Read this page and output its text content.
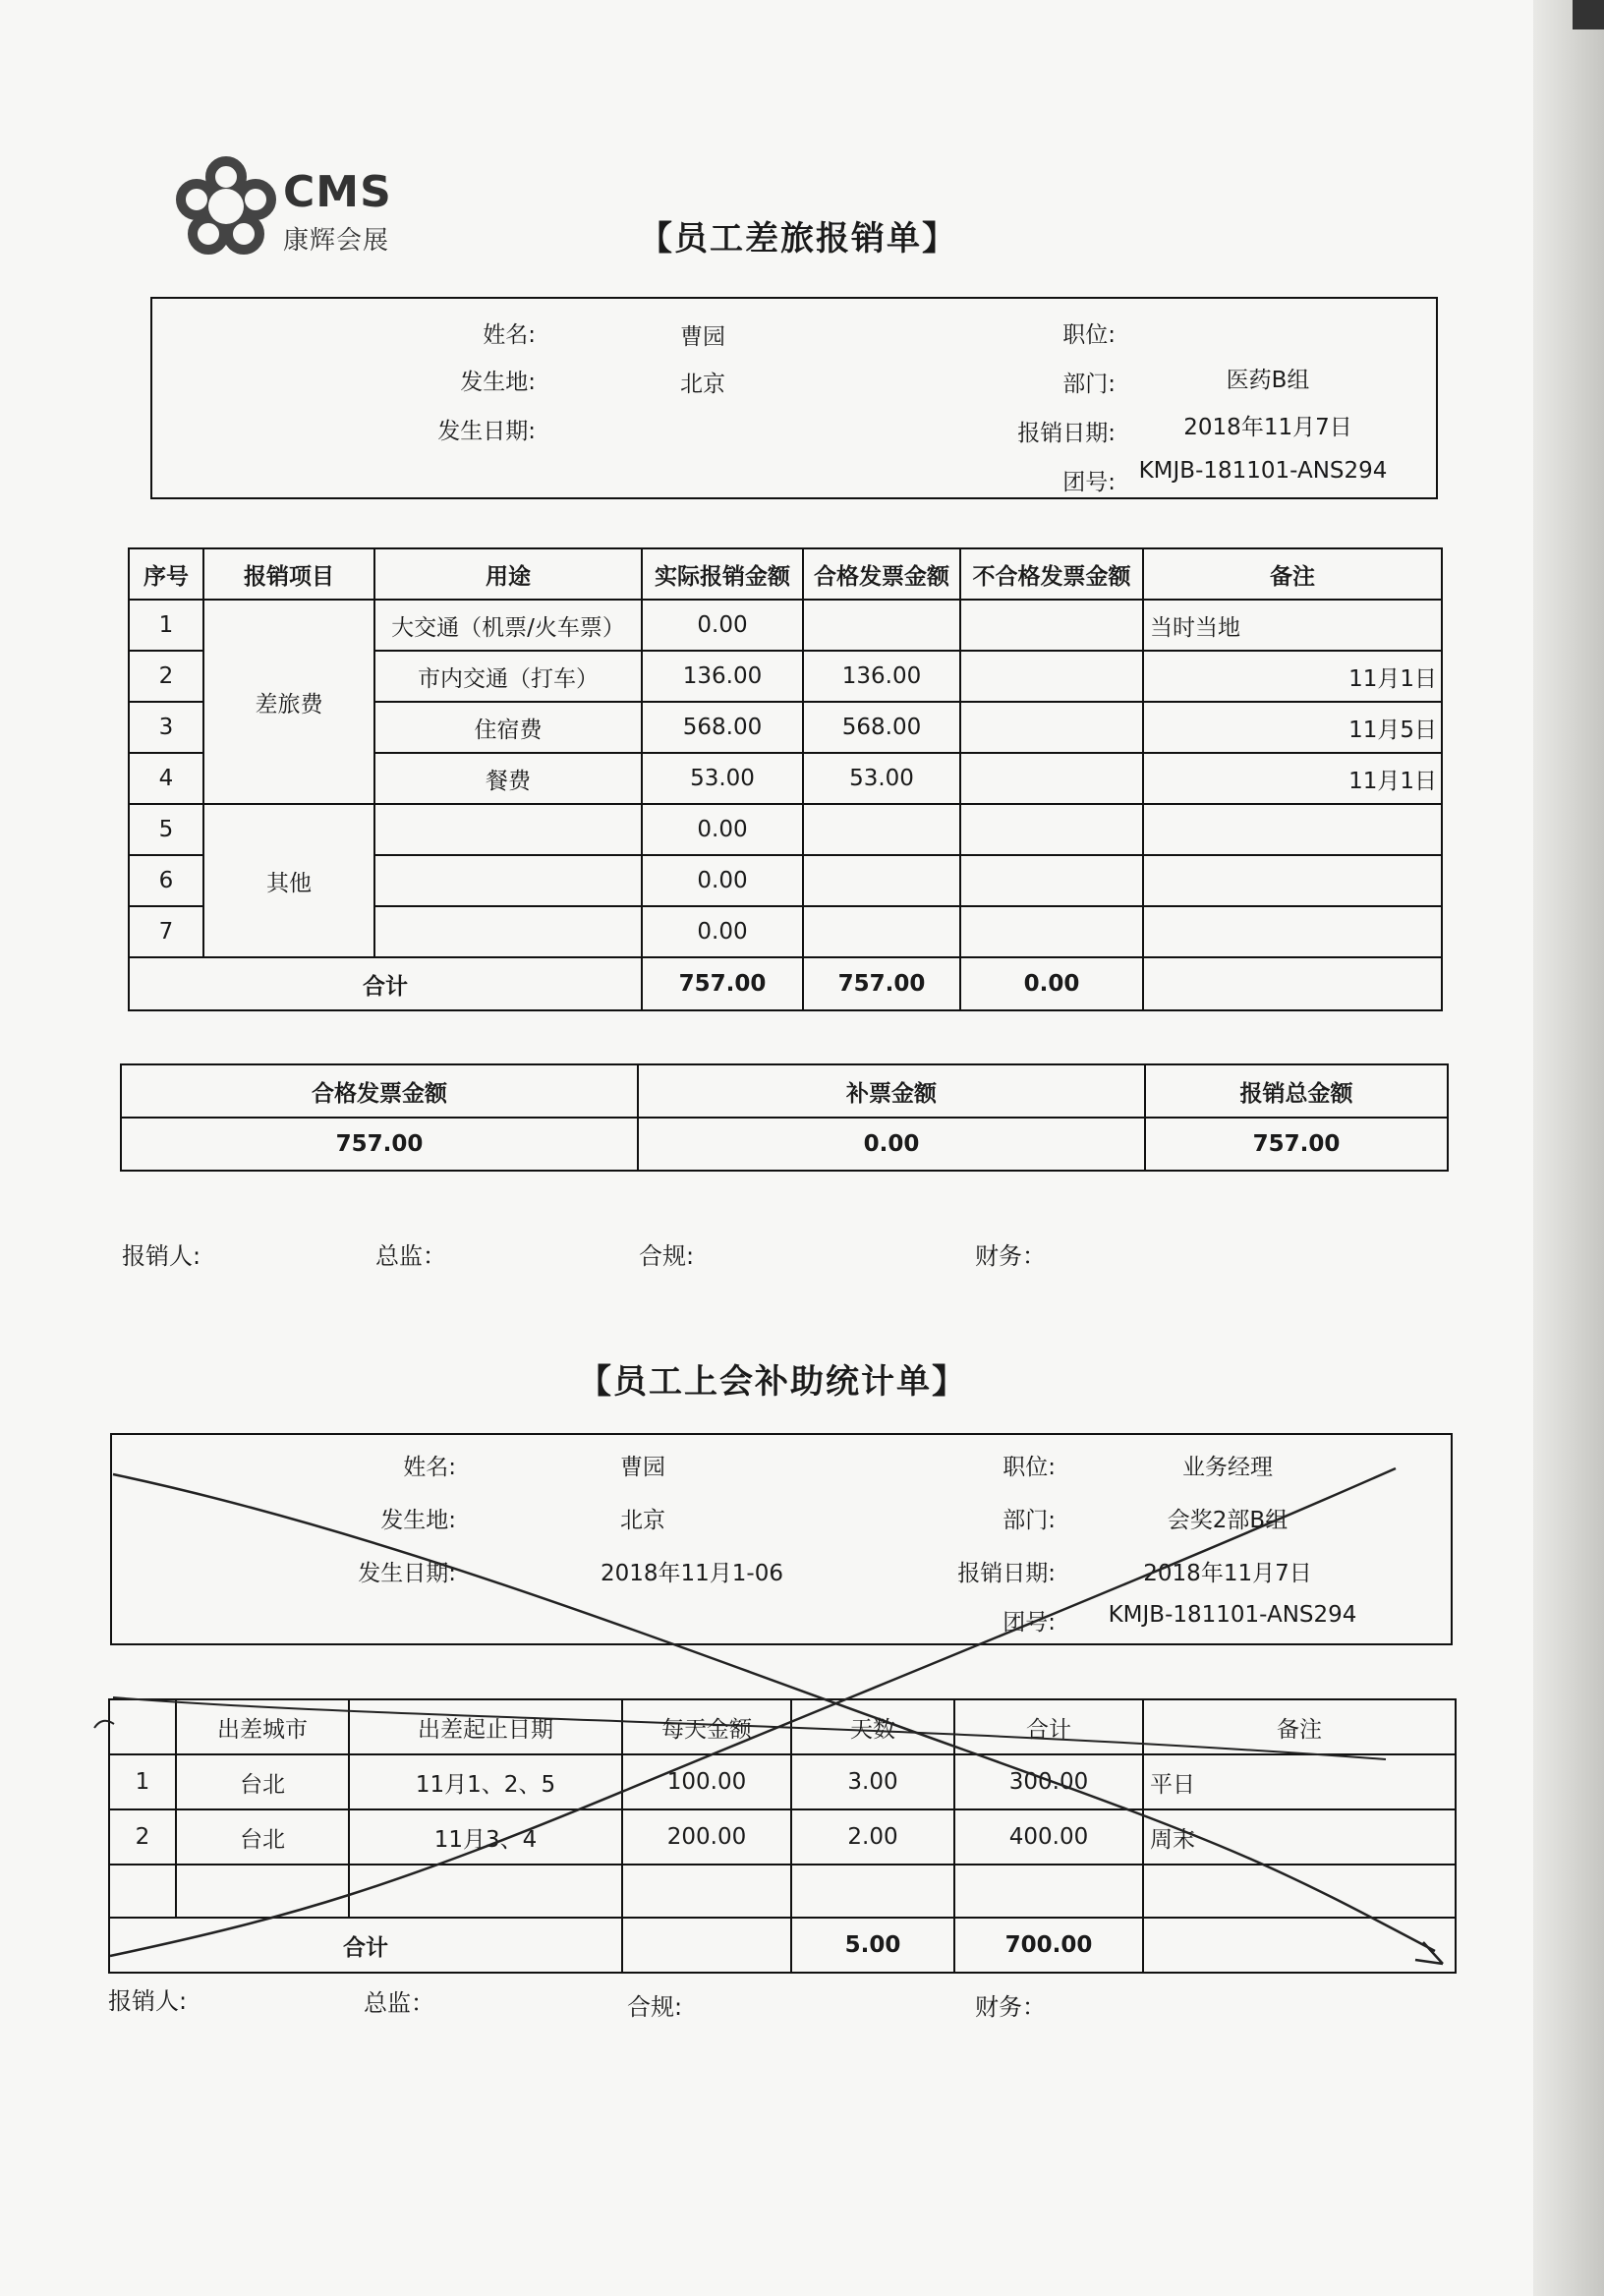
CMS
康辉会展	【员工差旅报销单】
姓名:	曹园	职位:
发生地:	北京	部门:	医药B组
发生日期:	报销日期:	2018年11月7日
团号:	KMJB-181101-ANS294
序号	报销项目	用途	实际报销金额	合格发票金额	不合格发票金额	备注
1	差旅费	大交通（机票/火车票）	0.00			当时当地
2		市内交通（打车）	136.00	136.00		11月1日
3		住宿费	568.00	568.00		11月5日
4		餐费	53.00	53.00		11月1日
5	其他		0.00			
6			0.00			
7			0.00			
合计			757.00	757.00	0.00	
合格发票金额	补票金额	报销总金额
757.00	0.00	757.00
报销人:	总监：	合规:	财务：
【员工上会补助统计单】
姓名:	曹园	职位:	业务经理
发生地:	北京	部门:	会奖2部B组
发生日期:	2018年11月1-06	报销日期:	2018年11月7日
团号:	KMJB-181101-ANS294
	出差城市	出差起止日期	每天金额	天数	合计	备注
1	台北	11月1、2、5	100.00	3.00	300.00	平日
2	台北	11月3、4	200.00	2.00	400.00	周末

合计				5.00	700.00	
报销人:	总监：	合规:	财务：
